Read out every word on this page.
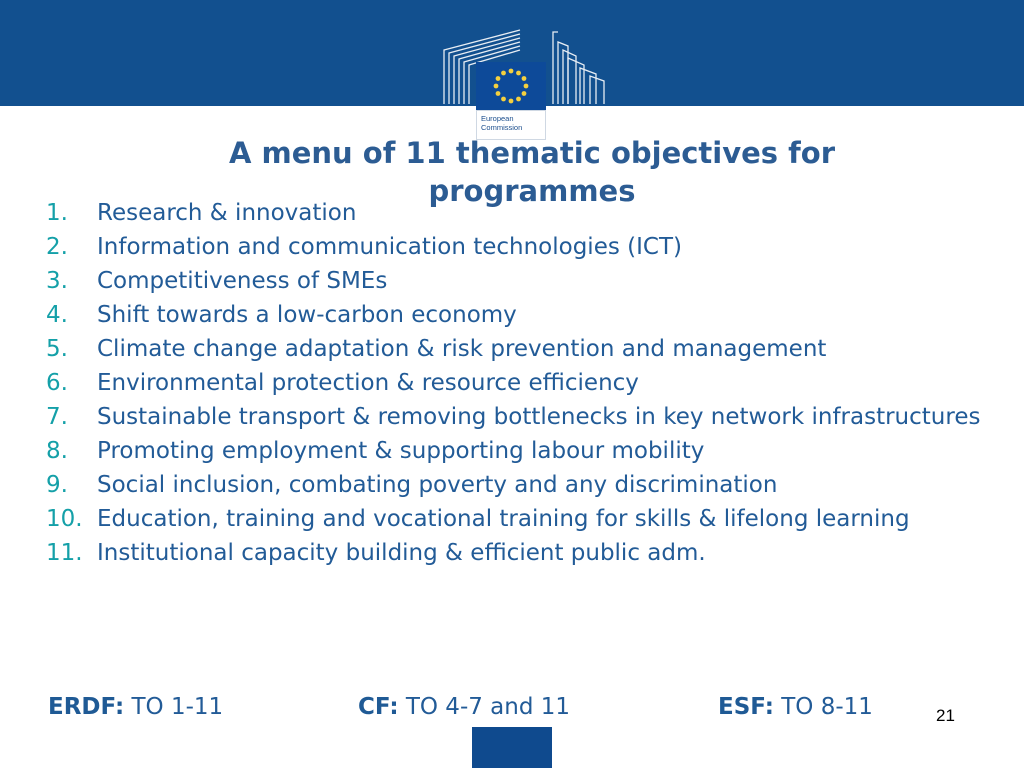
European
Commission
A menu of 11 thematic objectives for programmes
1. Research & innovation
2. Information and communication technologies (ICT)
3. Competitiveness of SMEs
4. Shift towards a low-carbon economy
5. Climate change adaptation & risk prevention and management
6. Environmental protection & resource efficiency
7. Sustainable transport & removing bottlenecks in key network infrastructures
8. Promoting employment & supporting labour mobility
9. Social inclusion, combating poverty and any discrimination
10. Education, training and vocational training for skills & lifelong learning
11. Institutional capacity building & efficient public adm.
ERDF: TO 1-11	CF: TO 4-7 and 11	ESF: TO 8-11	21
